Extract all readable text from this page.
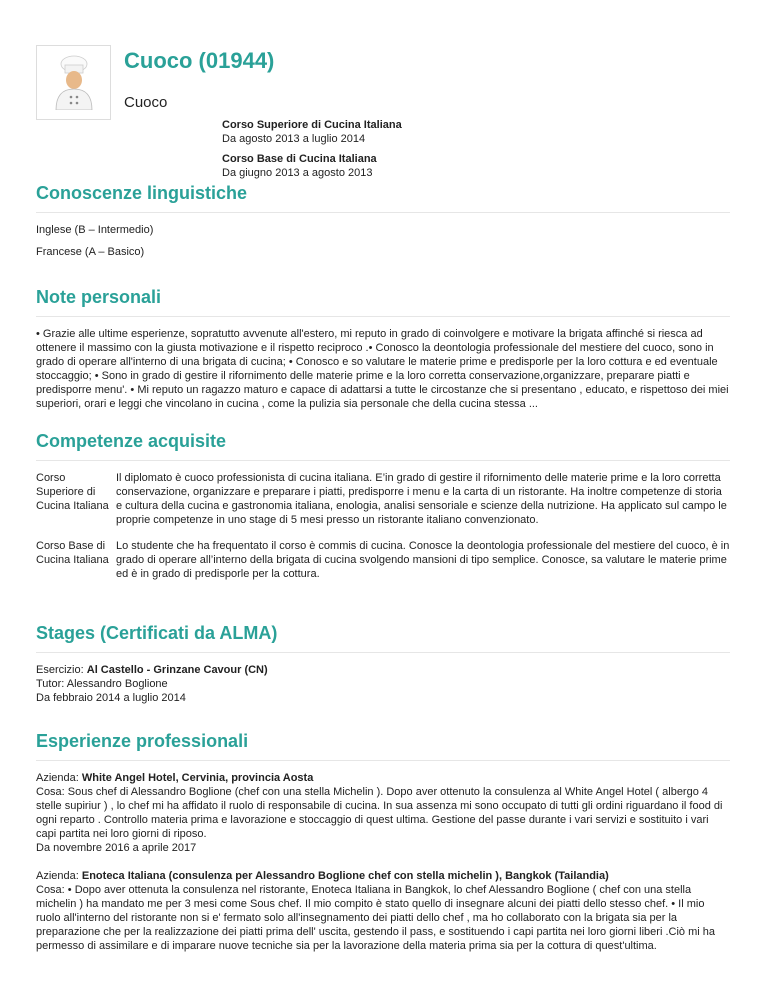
Cuoco (01944)
Cuoco
Corso Superiore di Cucina Italiana
Da agosto 2013 a luglio 2014
Corso Base di Cucina Italiana
Da giugno 2013 a agosto 2013
Conoscenze linguistiche
Inglese (B – Intermedio)
Francese (A – Basico)
Note personali
• Grazie alle ultime esperienze, sopratutto avvenute all'estero, mi reputo in grado di coinvolgere e motivare la brigata affinché si riesca ad ottenere il massimo con la giusta motivazione e il rispetto reciproco .• Conosco la deontologia professionale del mestiere del cuoco, sono in grado di operare all'interno di una brigata di cucina; • Conosco e so valutare le materie prime e predisporle per la loro cottura e ed eventuale stoccaggio; • Sono in grado di gestire il rifornimento delle materie prime e la loro corretta conservazione,organizzare, preparare piatti e predisporre menu'. • Mi reputo un ragazzo maturo e capace di adattarsi a tutte le circostanze che si presentano , educato, e rispettoso dei miei superiori, orari e leggi che vincolano in cucina , come la pulizia sia personale che della cucina stessa ...
Competenze acquisite
Corso Superiore di Cucina Italiana
Il diplomato è cuoco professionista di cucina italiana. E’in grado di gestire il rifornimento delle materie prime e la loro corretta conservazione, organizzare e preparare i piatti, predisporre i menu e la carta di un ristorante. Ha inoltre competenze di storia e cultura della cucina e gastronomia italiana, enologia, analisi sensoriale e scienze della nutrizione. Ha applicato sul campo le proprie competenze in uno stage di 5 mesi presso un ristorante italiano convenzionato.
Corso Base di Cucina Italiana
Lo studente che ha frequentato il corso è commis di cucina. Conosce la deontologia professionale del mestiere del cuoco, è in grado di operare all’interno della brigata di cucina svolgendo mansioni di tipo semplice. Conosce, sa valutare le materie prime ed è in grado di predisporle per la cottura.
Stages (Certificati da ALMA)
Esercizio: Al Castello - Grinzane Cavour (CN)
Tutor: Alessandro Boglione
Da febbraio 2014 a luglio 2014
Esperienze professionali
Azienda: White Angel Hotel, Cervinia, provincia Aosta
Cosa: Sous chef di Alessandro Boglione (chef con una stella Michelin ). Dopo aver ottenuto la consulenza al White Angel Hotel ( albergo 4 stelle supiriur ) , lo chef mi ha affidato il ruolo di responsabile di cucina. In sua assenza mi sono occupato di tutti gli ordini riguardano il food di ogni reparto . Controllo materia prima e lavorazione e stoccaggio di quest ultima. Gestione del passe durante i vari servizi e sostituito i vari capi partita nei loro giorni di riposo.
Da novembre 2016 a aprile 2017
Azienda: Enoteca Italiana (consulenza per Alessandro Boglione chef con stella michelin ), Bangkok (Tailandia)
Cosa: • Dopo aver ottenuta la consulenza nel ristorante, Enoteca Italiana in Bangkok, lo chef Alessandro Boglione ( chef con una stella michelin ) ha mandato me per 3 mesi come Sous chef. Il mio compito è stato quello di insegnare alcuni dei piatti dello stesso chef. • Il mio ruolo all'interno del ristorante non si e' fermato solo all'insegnamento dei piatti dello chef , ma ho collaborato con la brigata sia per la preparazione che per la realizzazione dei piatti prima dell' uscita, gestendo il pass, e sostituendo i capi partita nei loro giorni liberi .Ciò mi ha permesso di assimilare e di imparare nuove tecniche sia per la lavorazione della materia prima sia per la cottura di quest'ultima.
